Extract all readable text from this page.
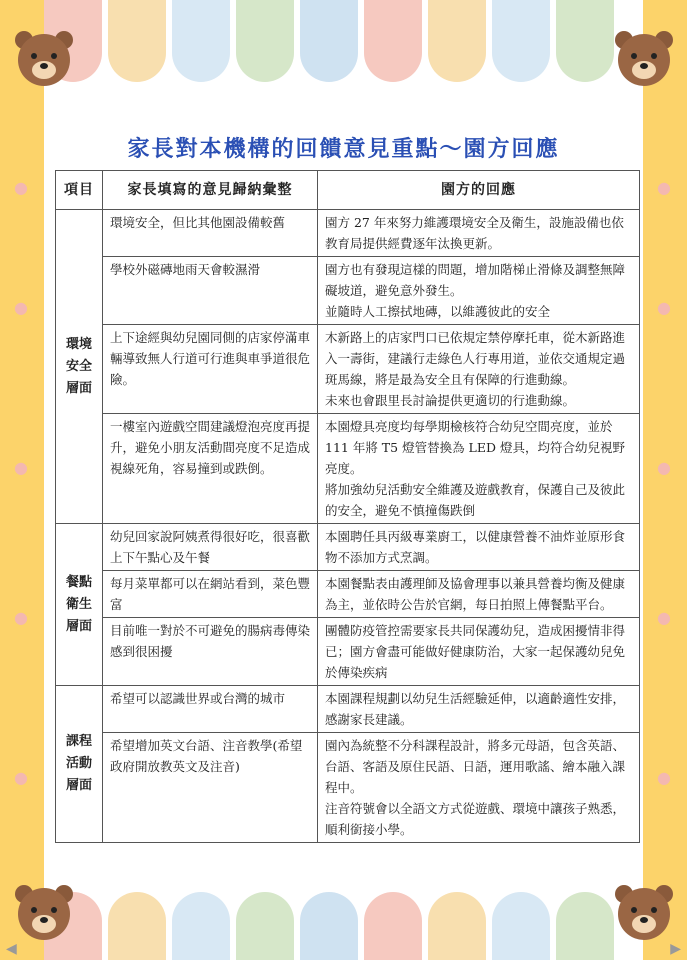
●
●
●
●
●
●
●
●
●
●
家長對本機構的回饋意見重點～園方回應
項目	家長填寫的意見歸納彙整	園方的回應
環境
安全
層面	環境安全，但比其他園設備較舊	園方 27 年來努力維護環境安全及衛生，設施設備也依教育局提供經費逐年汰換更新。

	學校外磁磚地雨天會較濕滑	園方也有發現這樣的問題，增加階梯止滑條及調整無障礙坡道，避免意外發生。
並隨時人工擦拭地磚，以維護彼此的安全

	上下途經與幼兒園同側的店家停滿車輛導致無人行道可行進與車爭道很危險。	木新路上的店家門口已依規定禁停摩托車，從木新路進入一壽街，建議行走綠色人行專用道，並依交通規定過斑馬線，將是最為安全且有保障的行進動線。
未來也會跟里長討論提供更適切的行進動線。

	一樓室內遊戲空間建議燈泡亮度再提升，避免小朋友活動間亮度不足造成視線死角，容易撞到或跌倒。	本園燈具亮度均每學期檢核符合幼兒空間亮度，並於 111 年將 T5 燈管替換為 LED 燈具，均符合幼兒視野亮度。
將加強幼兒活動安全維護及遊戲教育，保護自己及彼此的安全，避免不慎撞傷跌倒

餐點
衛生
層面	幼兒回家說阿姨煮得很好吃，很喜歡上下午點心及午餐	本園聘任具丙級專業廚工，以健康營養不油炸並原形食物不添加方式烹調。

	每月菜單都可以在網站看到，菜色豐富	本園餐點表由護理師及協會理事以兼具營養均衡及健康為主，並依時公告於官網，每日拍照上傳餐點平台。

	目前唯一對於不可避免的腸病毒傳染感到很困擾	團體防疫管控需要家長共同保護幼兒，造成困擾情非得已；園方會盡可能做好健康防治，大家一起保護幼兒免於傳染疾病

課程
活動
層面	希望可以認識世界或台灣的城市	本園課程規劃以幼兒生活經驗延伸，以適齡適性安排，感謝家長建議。

	希望增加英文台語、注音教學(希望政府開放教英文及注音)	園內為統整不分科課程設計，將多元母語，包含英語、台語、客語及原住民語、日語，運用歌謠、繪本融入課程中。
注音符號會以全語文方式從遊戲、環境中讓孩子熟悉，順利銜接小學。
◀	▶
